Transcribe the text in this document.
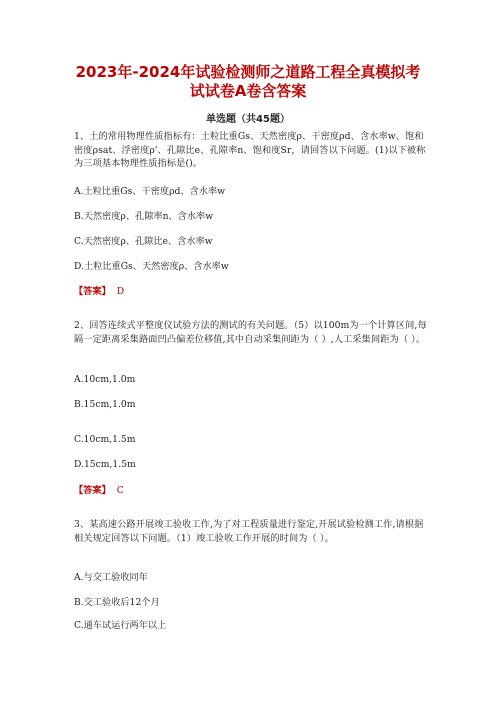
2023年-2024年试验检测师之道路工程全真模拟考
试试卷A卷含答案
单选题（共45题）
1、土的常用物理性质指标有：土粒比重Gs、天然密度ρ、干密度ρd、含水率w、饱和密度ρsat、浮密度ρ'、孔隙比e、孔隙率n、饱和度Sr，请回答以下问题。(1)以下被称为三项基本物理性质指标是()。
A.土粒比重Gs、干密度ρd、含水率w
B.天然密度ρ、孔隙率n、含水率w
C.天然密度ρ、孔隙比e、含水率w
D.土粒比重Gs、天然密度ρ、含水率w
【答案】 D
2、回答连续式平整度仪试验方法的测试的有关问题。（5）以100m为一个计算区间,每隔一定距离采集路面凹凸偏差位移值,其中自动采集间距为（ ）,人工采集间距为（ ）。
A.10cm,1.0m
B.15cm,1.0m
C.10cm,1.5m
D.15cm,1.5m
【答案】 C
3、某高速公路开展竣工验收工作,为了对工程质量进行鉴定,开展试验检测工作,请根据相关规定回答以下问题。（1）竣工验收工作开展的时间为（ ）。
A.与交工验收同年
B.交工验收后12个月
C.通车试运行两年以上
